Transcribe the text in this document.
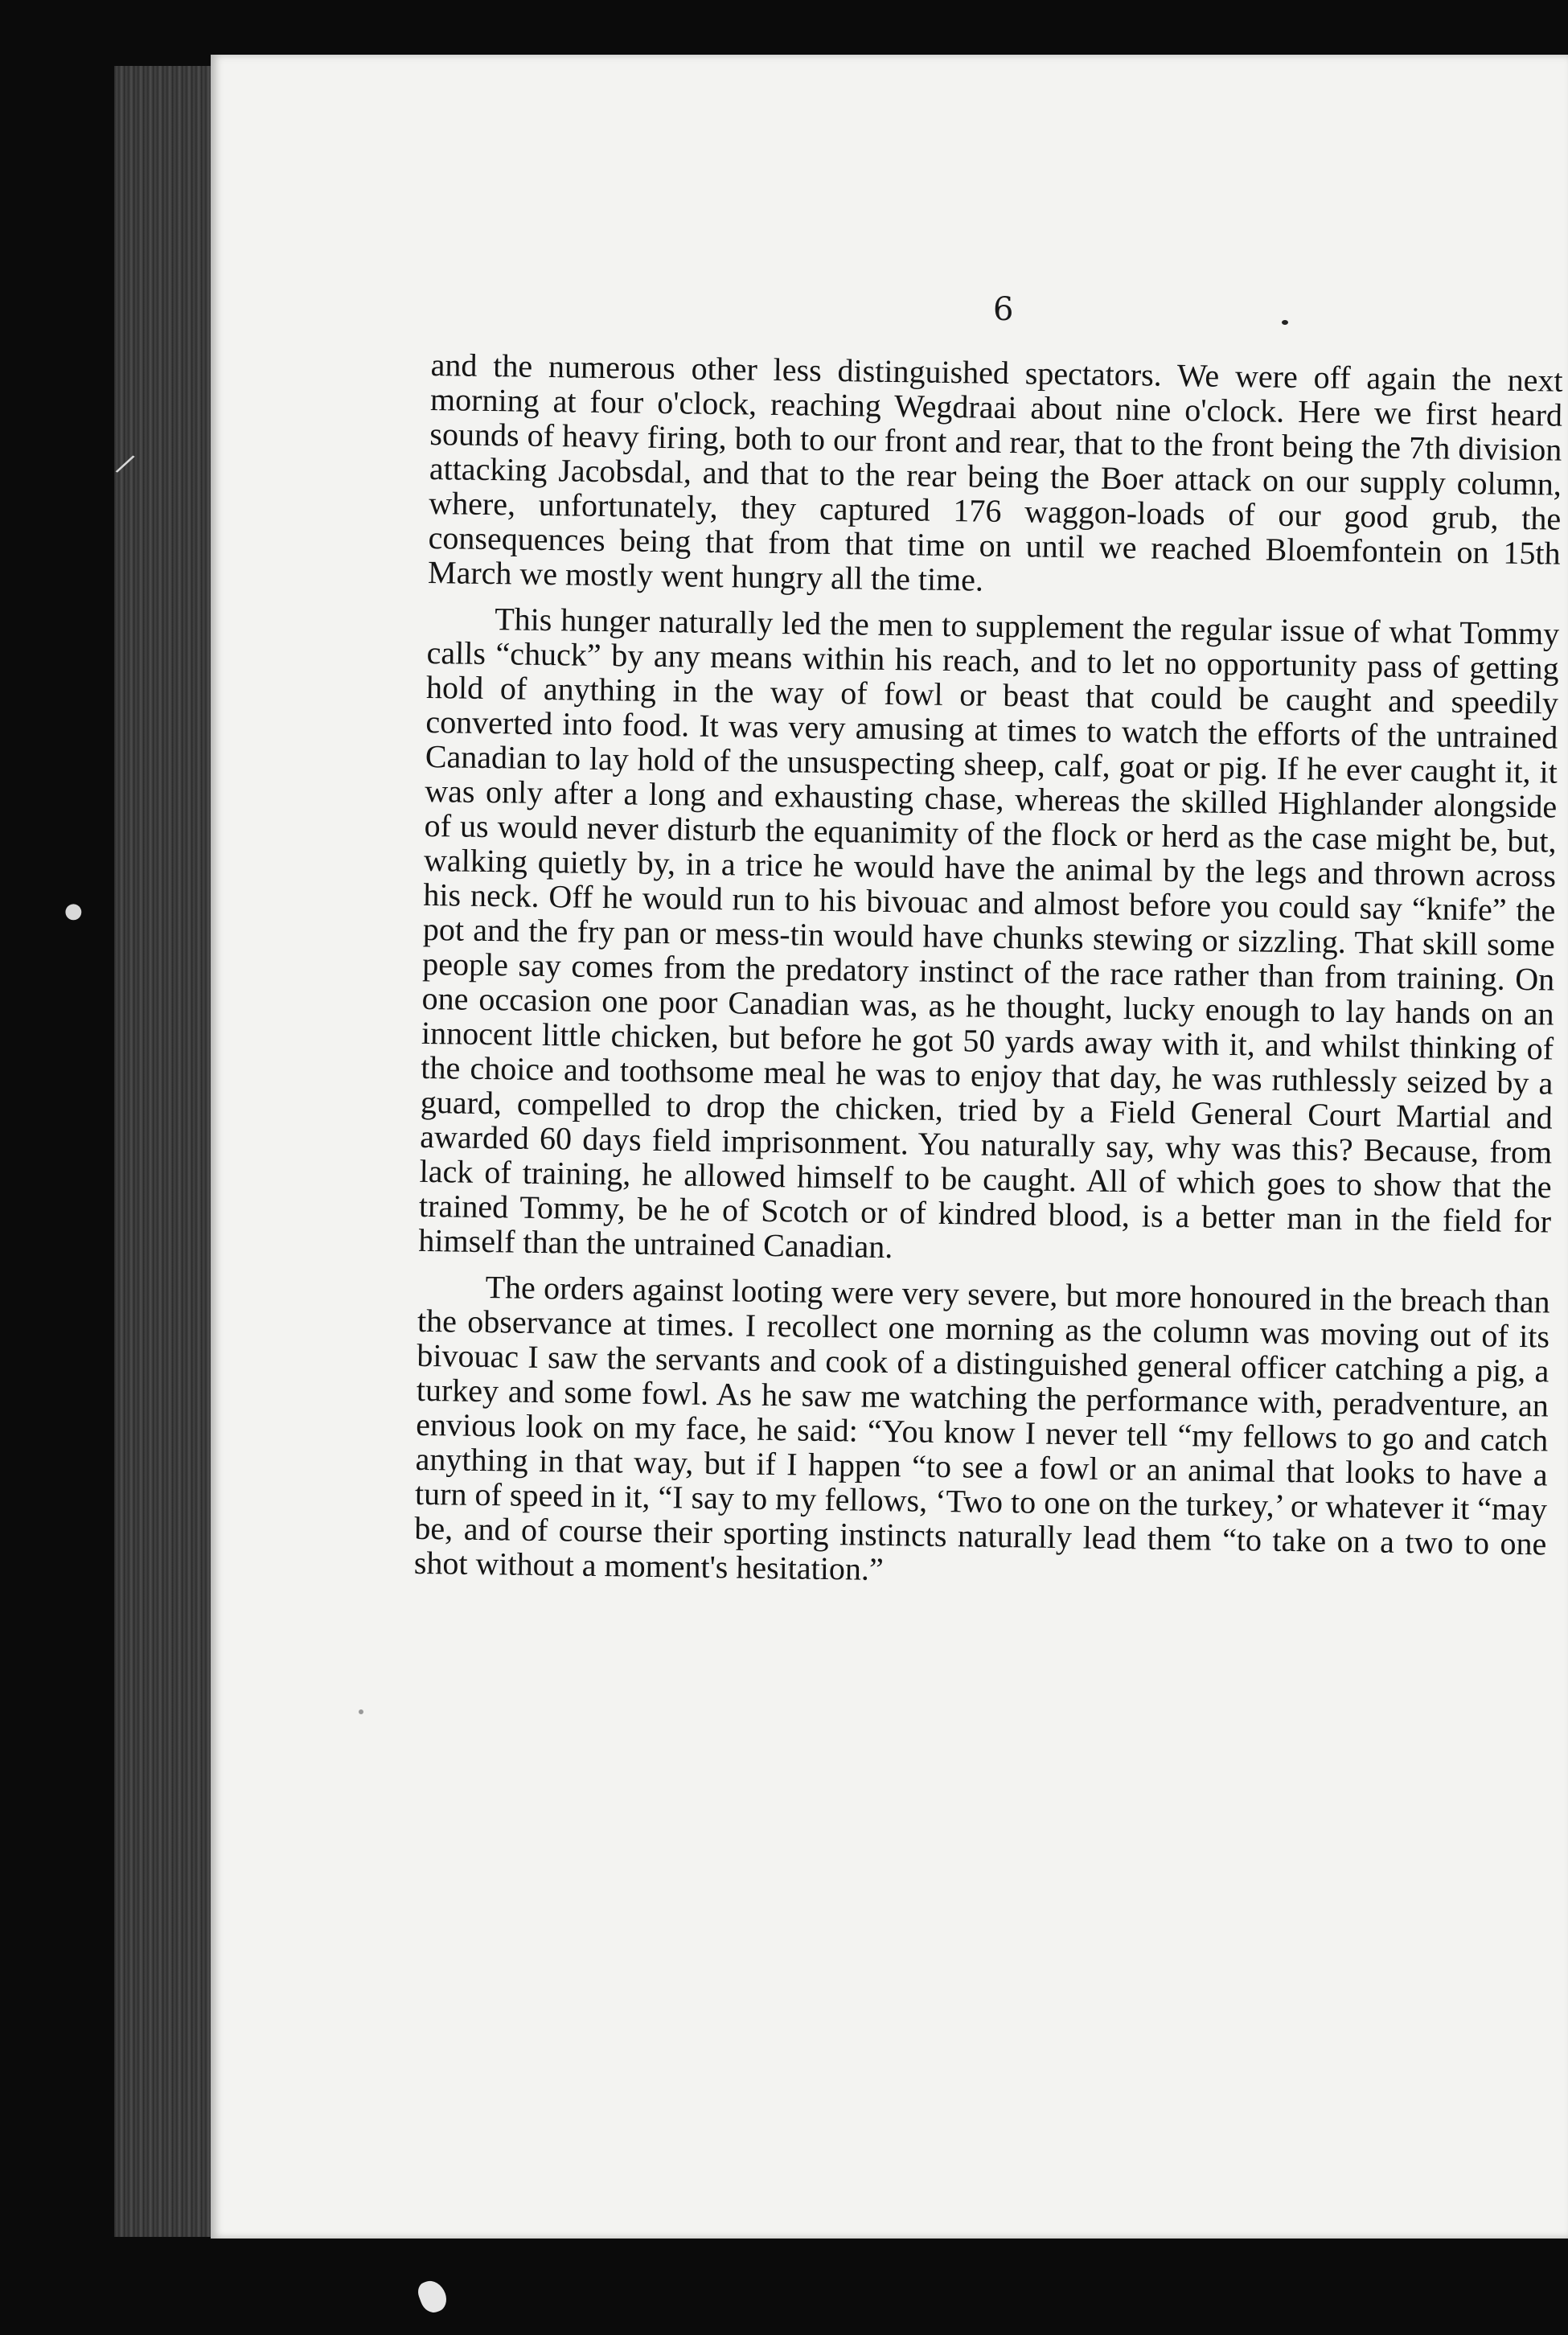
/
●

6

and the numerous other less distinguished spectators. We were off again the next morning at four o'clock, reaching Wegdraai about nine o'clock. Here we first heard sounds of heavy firing, both to our front and rear, that to the front being the 7th division attacking Jacobsdal, and that to the rear being the Boer attack on our supply column, where, unfortunately, they captured 176 waggon-loads of our good grub, the consequences being that from that time on until we reached Bloemfontein on 15th March we mostly went hungry all the time.

This hunger naturally led the men to supplement the regular issue of what Tommy calls “chuck” by any means within his reach, and to let no opportunity pass of getting hold of anything in the way of fowl or beast that could be caught and speedily converted into food. It was very amusing at times to watch the efforts of the untrained Canadian to lay hold of the unsuspecting sheep, calf, goat or pig. If he ever caught it, it was only after a long and exhausting chase, whereas the skilled Highlander alongside of us would never disturb the equanimity of the flock or herd as the case might be, but, walking quietly by, in a trice he would have the animal by the legs and thrown across his neck. Off he would run to his bivouac and almost before you could say “knife” the pot and the fry pan or mess-tin would have chunks stewing or sizzling. That skill some people say comes from the predatory instinct of the race rather than from training. On one occasion one poor Canadian was, as he thought, lucky enough to lay hands on an innocent little chicken, but before he got 50 yards away with it, and whilst thinking of the choice and toothsome meal he was to enjoy that day, he was ruthlessly seized by a guard, compelled to drop the chicken, tried by a Field General Court Martial and awarded 60 days field imprisonment. You naturally say, why was this? Because, from lack of training, he allowed himself to be caught. All of which goes to show that the trained Tommy, be he of Scotch or of kindred blood, is a better man in the field for himself than the untrained Canadian.

The orders against looting were very severe, but more honoured in the breach than the observance at times. I recollect one morning as the column was moving out of its bivouac I saw the servants and cook of a distinguished general officer catching a pig, a turkey and some fowl. As he saw me watching the performance with, peradventure, an envious look on my face, he said: “You know I never tell “my fellows to go and catch anything in that way, but if I happen “to see a fowl or an animal that looks to have a turn of speed in it, “I say to my fellows, ‘Two to one on the turkey,’ or whatever it “may be, and of course their sporting instincts naturally lead them “to take on a two to one shot without a moment's hesitation.”
